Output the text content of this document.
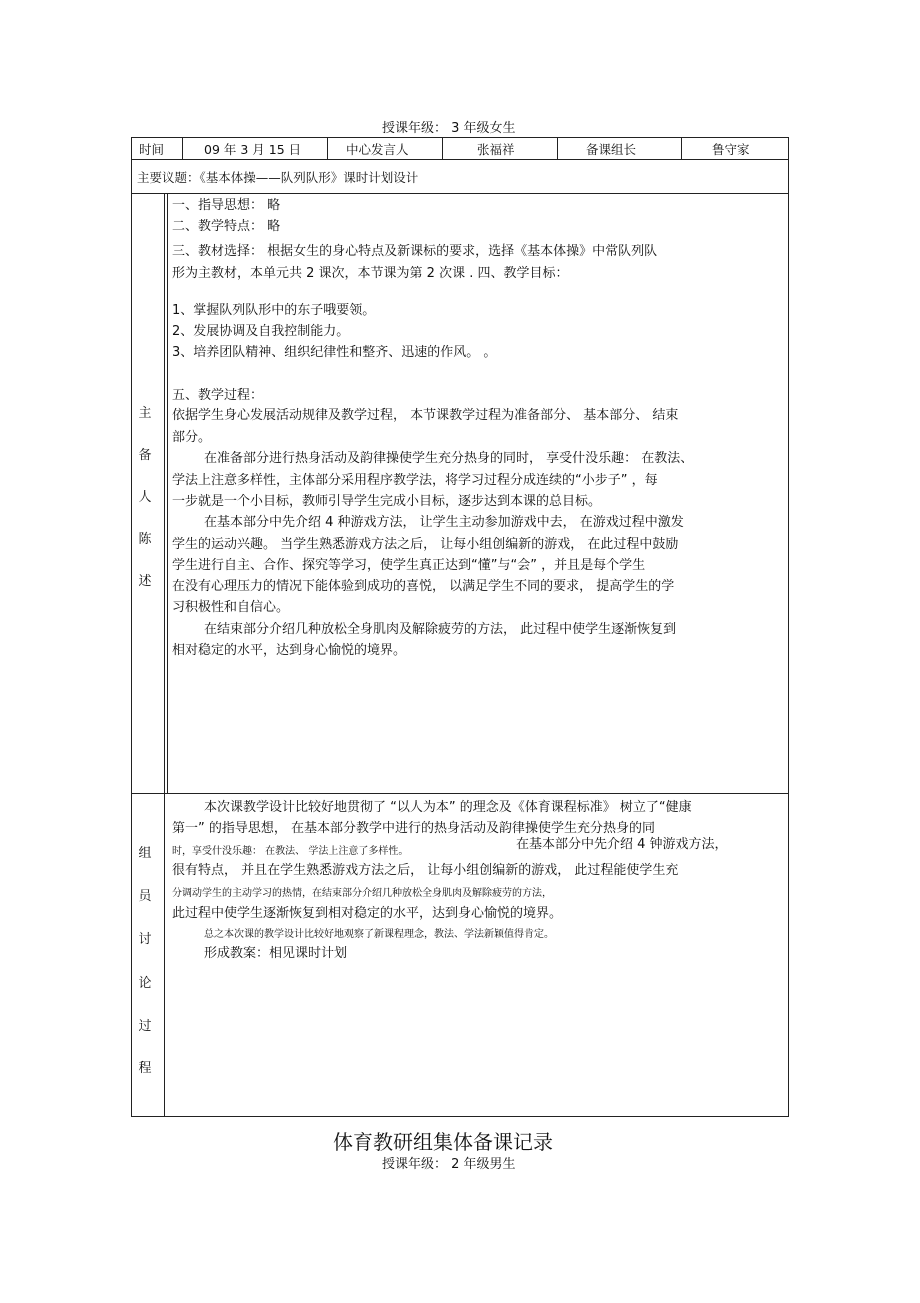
授课年级： 3 年级女生
时间	09 年 3 月 15 日	中心发言人	张福祥	备课组长	鲁守家
主要议题：《基本体操——队列队形》课时计划设计
主
备
人
陈
述
一、指导思想： 略
二、教学特点： 略
三、教材选择： 根据女生的身心特点及新课标的要求，选择《基本体操》中常队列队
形为主教材，本单元共 2 课次，本节课为第 2 次课 . 四、教学目标：
1、掌握队列队形中的东子哦要领。
2、发展协调及自我控制能力。
3、培养团队精神、组织纪律性和整齐、迅速的作风。 。
五、教学过程：
依据学生身心发展活动规律及教学过程， 本节课教学过程为准备部分、 基本部分、 结束
部分。
在准备部分进行热身活动及韵律操使学生充分热身的同时， 享受什没乐趣： 在教法、
学法上注意多样性，主体部分采用程序教学法，将学习过程分成连续的“小步子” ，每
一步就是一个小目标，教师引导学生完成小目标，逐步达到本课的总目标。
在基本部分中先介绍 4 种游戏方法， 让学生主动参加游戏中去， 在游戏过程中激发
学生的运动兴趣。 当学生熟悉游戏方法之后， 让每小组创编新的游戏， 在此过程中鼓励
学生进行自主、合作、探究等学习，使学生真正达到“懂”与“会” ，并且是每个学生
在没有心理压力的情况下能体验到成功的喜悦， 以满足学生不同的要求， 提高学生的学
习积极性和自信心。
在结束部分介绍几种放松全身肌肉及解除疲劳的方法， 此过程中使学生逐渐恢复到
相对稳定的水平，达到身心愉悦的境界。
组
员
讨
论
过
程
本次课教学设计比较好地贯彻了 “以人为本” 的理念及《体育课程标准》 树立了“健康
第一” 的指导思想， 在基本部分教学中进行的热身活动及韵律操使学生充分热身的同
时，享受什没乐趣： 在教法、 学法上注意了多样性。	在基本部分中先介绍 4 钟游戏方法，
很有特点， 并且在学生熟悉游戏方法之后， 让每小组创编新的游戏， 此过程能使学生充
分调动学生的主动学习的热情，在结束部分介绍几种放松全身肌肉及解除疲劳的方法，
此过程中使学生逐渐恢复到相对稳定的水平，达到身心愉悦的境界。
总之本次课的教学设计比较好地观察了新课程理念，教法、学法新颖值得肯定。
形成教案：相见课时计划
体育教研组集体备课记录
授课年级： 2 年级男生
